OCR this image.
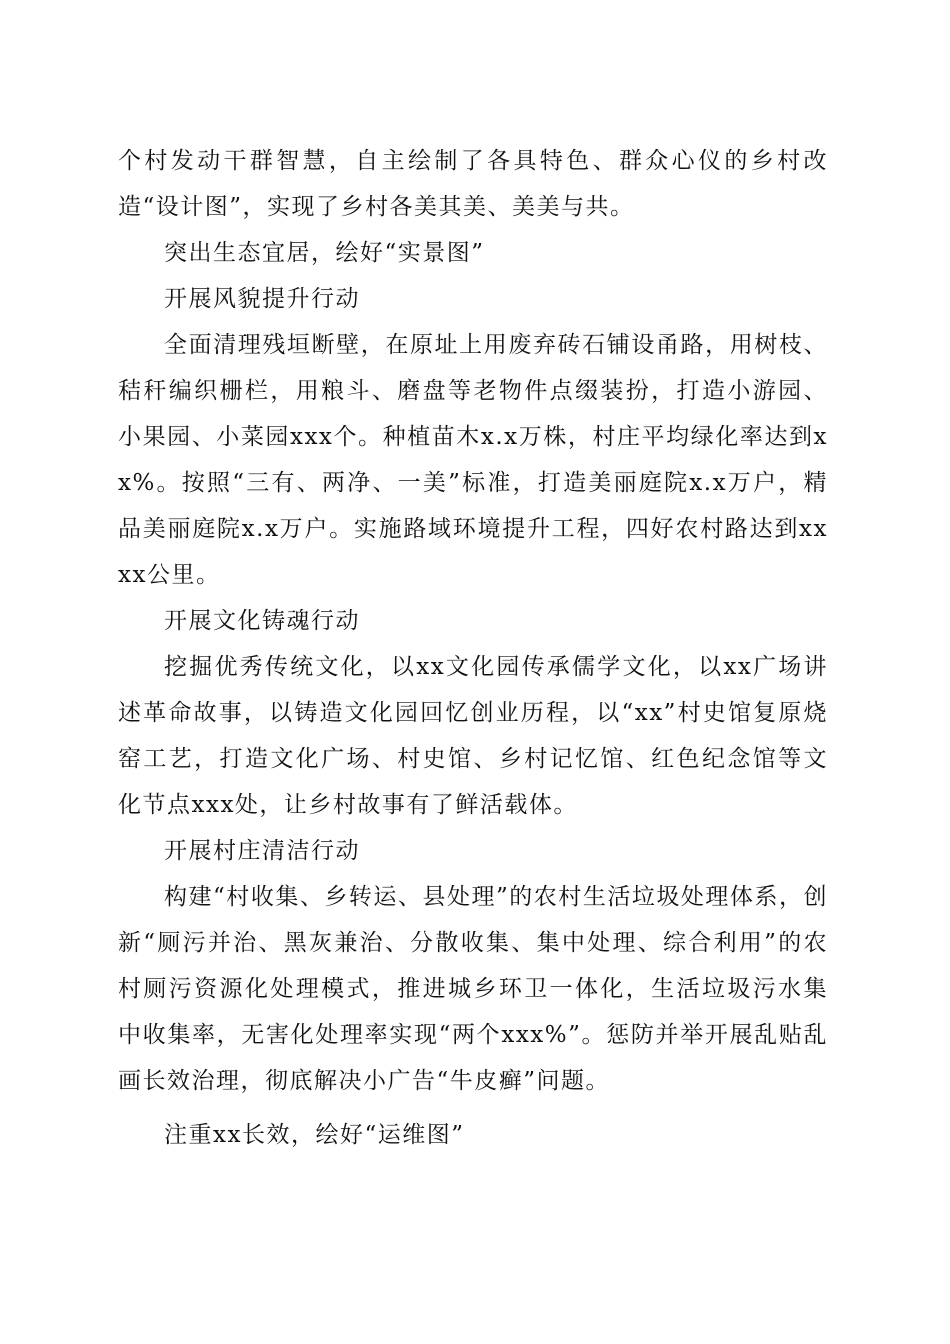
个村发动干群智慧，自主绘制了各具特色、群众心仪的乡村改造“设计图”，实现了乡村各美其美、美美与共。

突出生态宜居，绘好“实景图”

开展风貌提升行动

全面清理残垣断壁，在原址上用废弃砖石铺设甬路，用树枝、秸秆编织栅栏，用粮斗、磨盘等老物件点缀装扮，打造小游园、小果园、小菜园xxx个。种植苗木x.x万株，村庄平均绿化率达到xx%。按照“三有、两净、一美”标准，打造美丽庭院x.x万户，精品美丽庭院x.x万户。实施路域环境提升工程，四好农村路达到xxxx公里。

开展文化铸魂行动

挖掘优秀传统文化，以xx文化园传承儒学文化，以xx广场讲述革命故事，以铸造文化园回忆创业历程，以“xx”村史馆复原烧窑工艺，打造文化广场、村史馆、乡村记忆馆、红色纪念馆等文化节点xxx处，让乡村故事有了鲜活载体。

开展村庄清洁行动

构建“村收集、乡转运、县处理”的农村生活垃圾处理体系，创新“厕污并治、黑灰兼治、分散收集、集中处理、综合利用”的农村厕污资源化处理模式，推进城乡环卫一体化，生活垃圾污水集中收集率，无害化处理率实现“两个xxx%”。惩防并举开展乱贴乱画长效治理，彻底解决小广告“牛皮癣”问题。

注重xx长效，绘好“运维图”
